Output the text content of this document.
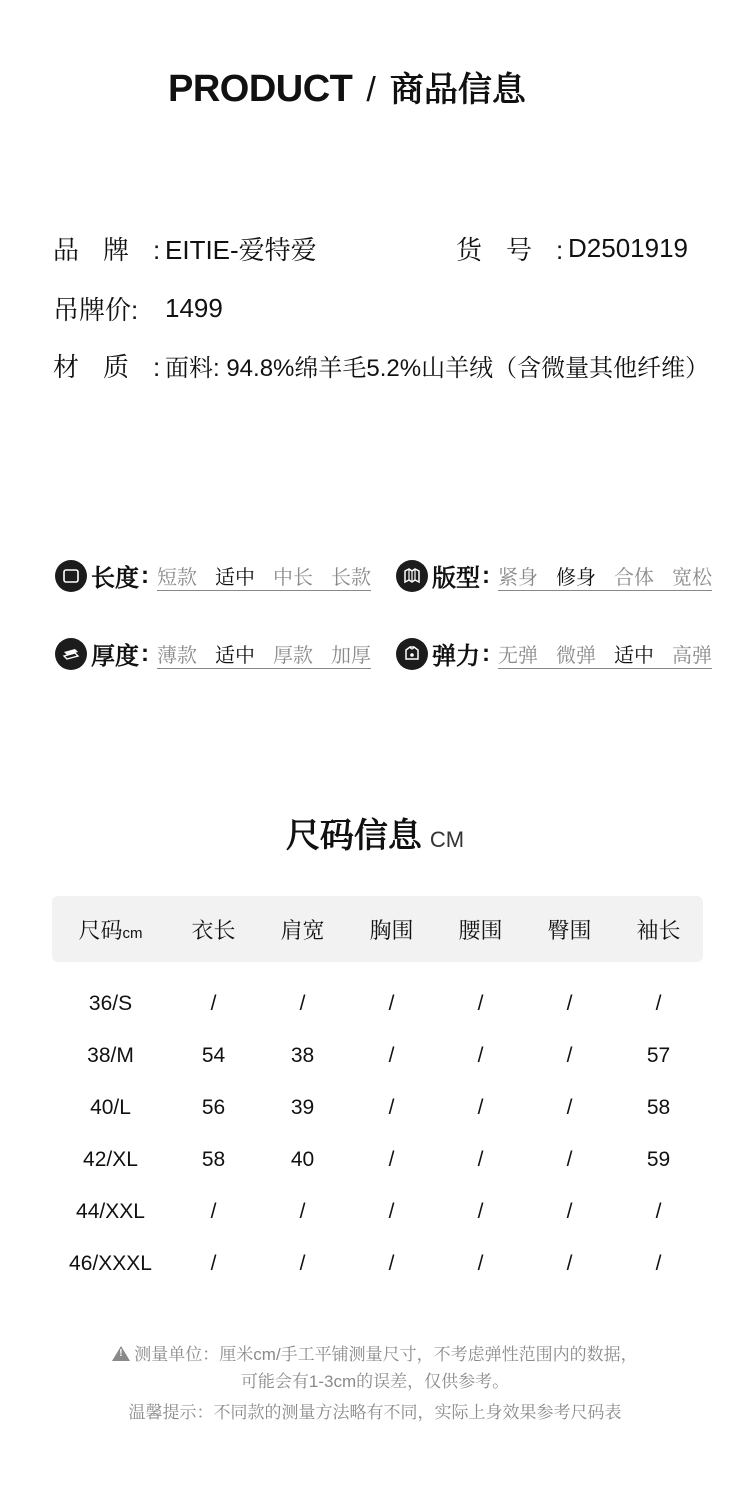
PRODUCT / 商品信息
品牌:
EITIE-爱特爱	货号:
D2501919
吊牌价:	1499
材质:
面料: 94.8%绵羊毛5.2%山羊绒（含微量其他纤维）
长度 : 短款 适中 中长 长款	版型 : 紧身 修身 合体 宽松
厚度 : 薄款 适中 厚款 加厚	弹力 : 无弹 微弹 适中 高弹
尺码信息 CM
尺码cm	衣长	肩宽	胸围	腰围	臀围	袖长
36/S	/	/	/	/	/	/
38/M	54	38	/	/	/	57
40/L	56	39	/	/	/	58
42/XL	58	40	/	/	/	59
44/XXL	/	/	/	/	/	/
46/XXXL	/	/	/	/	/	/
!测量单位：厘米cm/手工平铺测量尺寸，不考虑弹性范围内的数据，
可能会有1-3cm的误差，仅供参考。
温馨提示：不同款的测量方法略有不同，实际上身效果参考尺码表
